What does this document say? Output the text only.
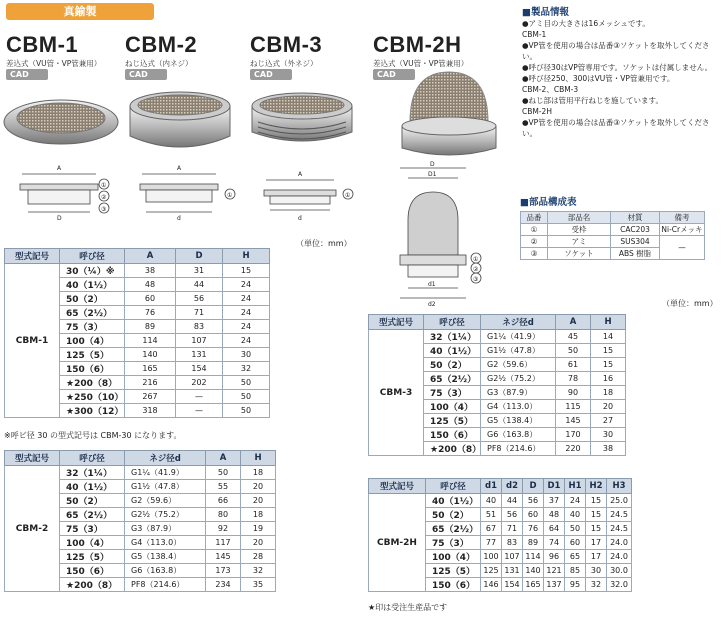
真鍮製
CBM-1
差込式（VU管・VP管兼用）
CAD
CBM-2
ねじ込式（内ネジ）
CAD
CBM-3
ねじ込式（外ネジ）
CAD
CBM-2H
差込式（VU管・VP管兼用）
CAD
A
D
①
②
③
A
d
①
A
d
①
D
D1
d1
d2
①
②
③
（単位：mm）
■製品情報
●アミ目の大きさは16メッシュです。
CBM-1
●VP管を使用の場合は品番③ソケットを取外してください。
●呼び径30はVP管専用です。ソケットは付属しません。
●呼び径250、300はVU管・VP管兼用です。
CBM-2、CBM-3
●ねじ部は管用平行ねじを施しています。
CBM-2H
●VP管を使用の場合は品番③ソケットを取外してください。
■部品構成表
品番	部品名	材質	備考
①	受枠	CAC203	Ni-Crメッキ
②	アミ	SUS304	—
③	ソケット	ABS 樹脂	
（単位：mm）
型式記号	呼び径	A	D	H
CBM-1	30（¼）※	38	31	15
	40（1½）	48	44	24
	50（2）	60	56	24
	65（2½）	76	71	24
	75（3）	89	83	24
	100（4）	114	107	24
	125（5）	140	131	30
	150（6）	165	154	32
	★200（8）	216	202	50
	★250（10）	267	—	50
	★300（12）	318	—	50
※呼ビ径 30 の型式記号は CBM-30 になります。
型式記号	呼び径	ネジ径d	A	H
CBM-2	32（1¼）	G1¼（41.9）	50	18
	40（1½）	G1½（47.8）	55	20
	50（2）	G2（59.6）	66	20
	65（2½）	G2½（75.2）	80	18
	75（3）	G3（87.9）	92	19
	100（4）	G4（113.0）	117	20
	125（5）	G5（138.4）	145	28
	150（6）	G6（163.8）	173	32
	★200（8）	PF8（214.6）	234	35
型式記号	呼び径	ネジ径d	A	H
CBM-3	32（1¼）	G1¼（41.9）	45	14
	40（1½）	G1½（47.8）	50	15
	50（2）	G2（59.6）	61	15
	65（2½）	G2½（75.2）	78	16
	75（3）	G3（87.9）	90	18
	100（4）	G4（113.0）	115	20
	125（5）	G5（138.4）	145	27
	150（6）	G6（163.8）	170	30
	★200（8）	PF8（214.6）	220	38
型式記号	呼び径	d1	d2	D	D1	H1	H2	H3
CBM-2H	40（1½）	40	44	56	37	24	15	25.0
	50（2）	51	56	60	48	40	15	24.5
	65（2½）	67	71	76	64	50	15	24.5
	75（3）	77	83	89	74	60	17	24.0
	100（4）	100	107	114	96	65	17	24.0
	125（5）	125	131	140	121	85	30	30.0
	150（6）	146	154	165	137	95	32	32.0
★印は受注生産品です
